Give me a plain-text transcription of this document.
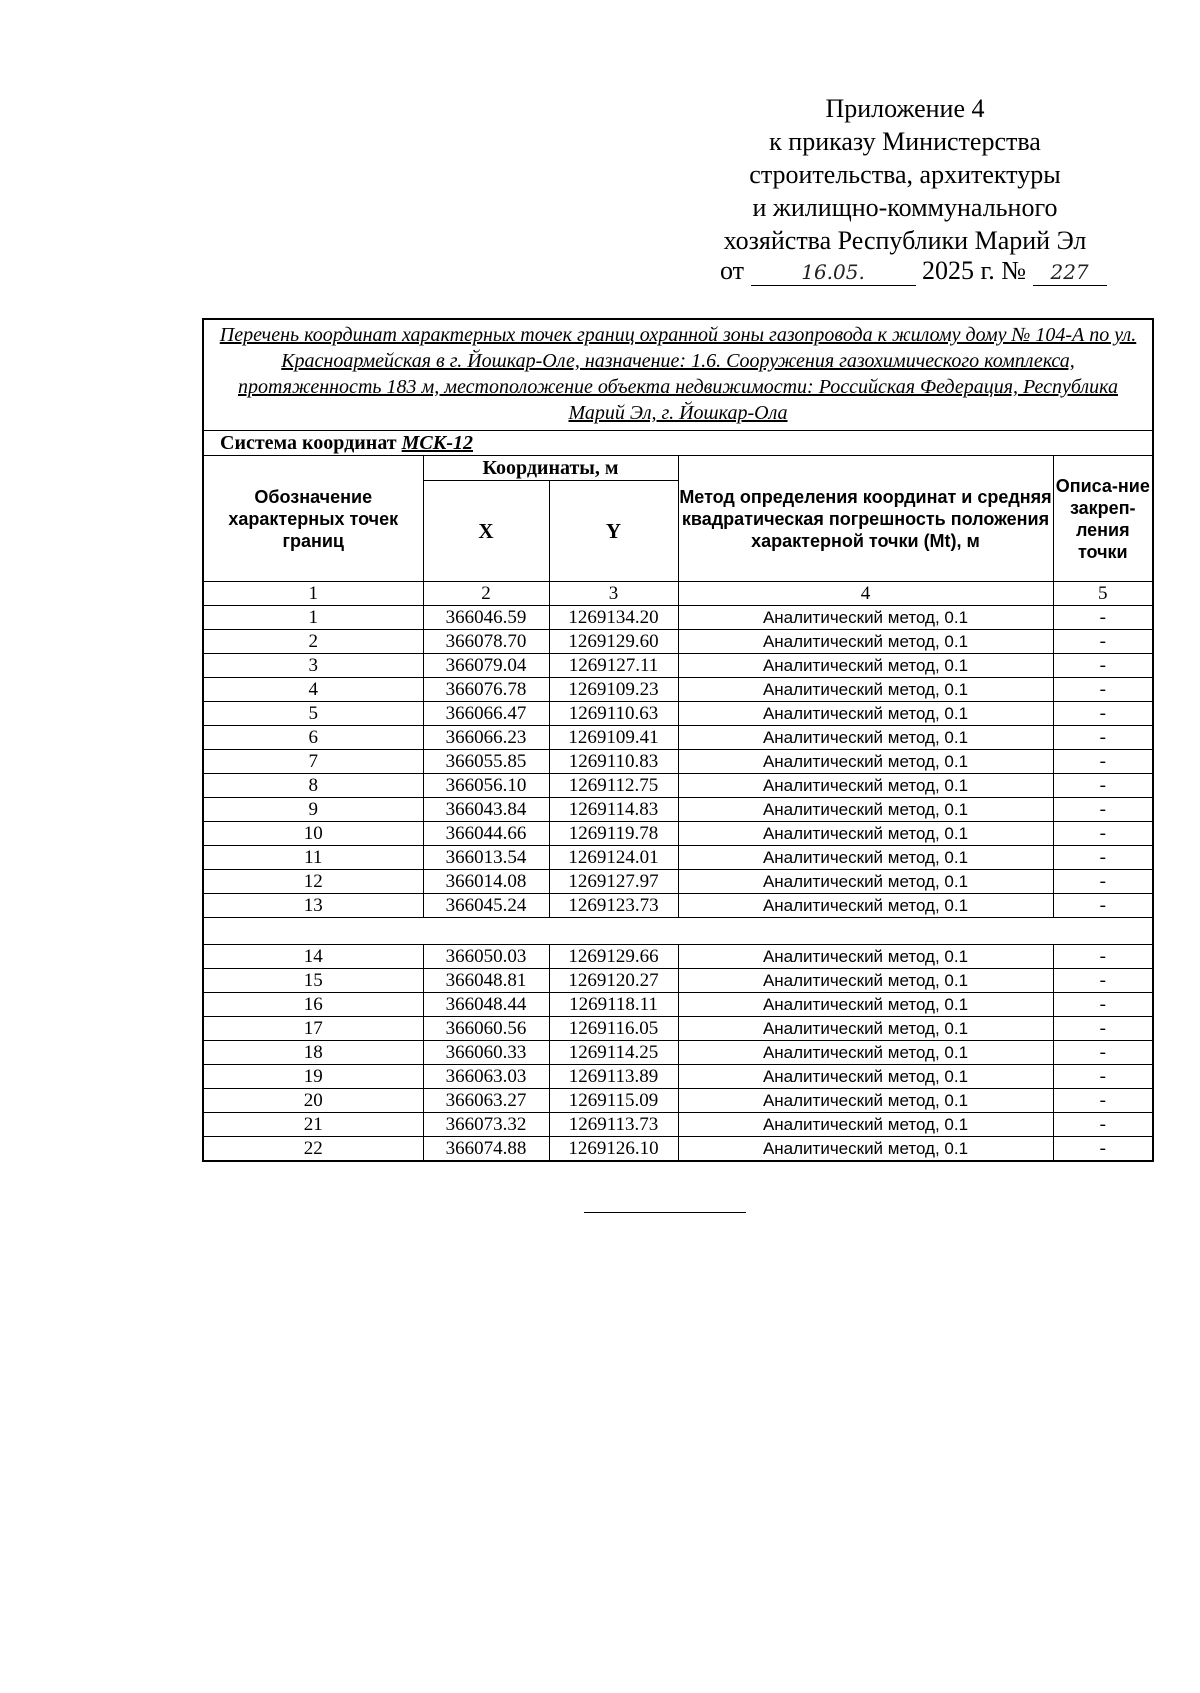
Приложение 4
к приказу Министерства
строительства, архитектуры
и жилищно-коммунального
хозяйства Республики Марий Эл
от	16.05. 2025 г. № 227
Перечень координат характерных точек границ охранной зоны газопровода к жилому дому № 104-А по ул. Красноармейская в г. Йошкар-Оле, назначение: 1.6. Сооружения газохимического комплекса, протяженность 183 м, местоположение объекта недвижимости: Российская Федерация, Республика Марий Эл, г. Йошкар-Ола				
Система координат МСК-12				
Обозначение характерных точек границ	Координаты, м		Метод определения координат и средняя квадратическая погрешность положения характерной точки (Mt), м	Описа-ние закреп-ления точки
	X	Y		
1	2	3	4	5
1	366046.59	1269134.20	Аналитический метод, 0.1	-
2	366078.70	1269129.60	Аналитический метод, 0.1	-
3	366079.04	1269127.11	Аналитический метод, 0.1	-
4	366076.78	1269109.23	Аналитический метод, 0.1	-
5	366066.47	1269110.63	Аналитический метод, 0.1	-
6	366066.23	1269109.41	Аналитический метод, 0.1	-
7	366055.85	1269110.83	Аналитический метод, 0.1	-
8	366056.10	1269112.75	Аналитический метод, 0.1	-
9	366043.84	1269114.83	Аналитический метод, 0.1	-
10	366044.66	1269119.78	Аналитический метод, 0.1	-
11	366013.54	1269124.01	Аналитический метод, 0.1	-
12	366014.08	1269127.97	Аналитический метод, 0.1	-
13	366045.24	1269123.73	Аналитический метод, 0.1	-

14	366050.03	1269129.66	Аналитический метод, 0.1	-
15	366048.81	1269120.27	Аналитический метод, 0.1	-
16	366048.44	1269118.11	Аналитический метод, 0.1	-
17	366060.56	1269116.05	Аналитический метод, 0.1	-
18	366060.33	1269114.25	Аналитический метод, 0.1	-
19	366063.03	1269113.89	Аналитический метод, 0.1	-
20	366063.27	1269115.09	Аналитический метод, 0.1	-
21	366073.32	1269113.73	Аналитический метод, 0.1	-
22	366074.88	1269126.10	Аналитический метод, 0.1	-
